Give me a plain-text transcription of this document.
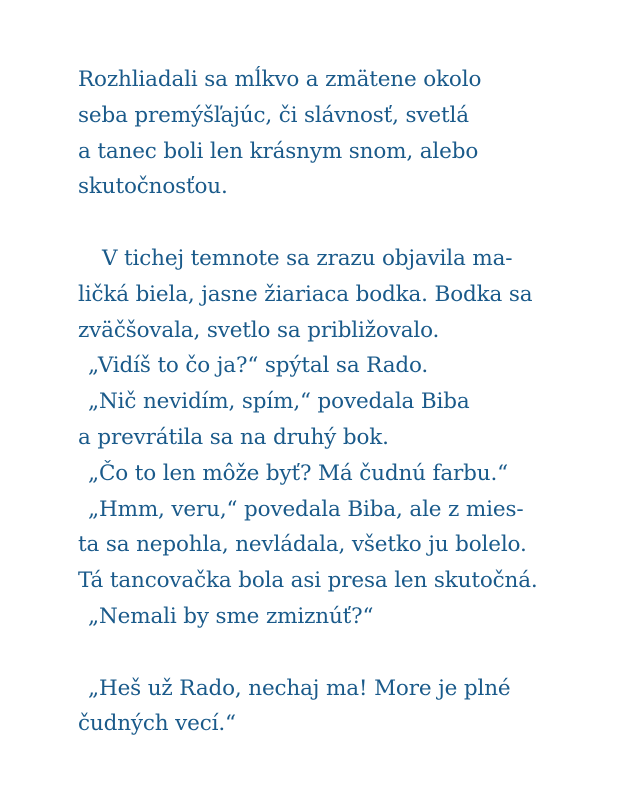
Rozhliadali sa mĺkvo a zmätene okolo
seba premýšľajúc, či slávnosť, svetlá
a tanec boli len krásnym snom, alebo
skutočnosťou.
V tichej temnote sa zrazu objavila ma-
ličká biela, jasne žiariaca bodka. Bodka sa
zväčšovala, svetlo sa približovalo.
„Vidíš to čo ja?“ spýtal sa Rado.
„Nič nevidím, spím,“ povedala Biba
a prevrátila sa na druhý bok.
„Čo to len môže byť? Má čudnú farbu.“
„Hmm, veru,“ povedala Biba, ale z mies-
ta sa nepohla, nevládala, všetko ju bolelo.
Tá tancovačka bola asi presa len skutočná.
„Nemali by sme zmiznúť?“
„Heš už Rado, nechaj ma! More je plné
čudných vecí.“
